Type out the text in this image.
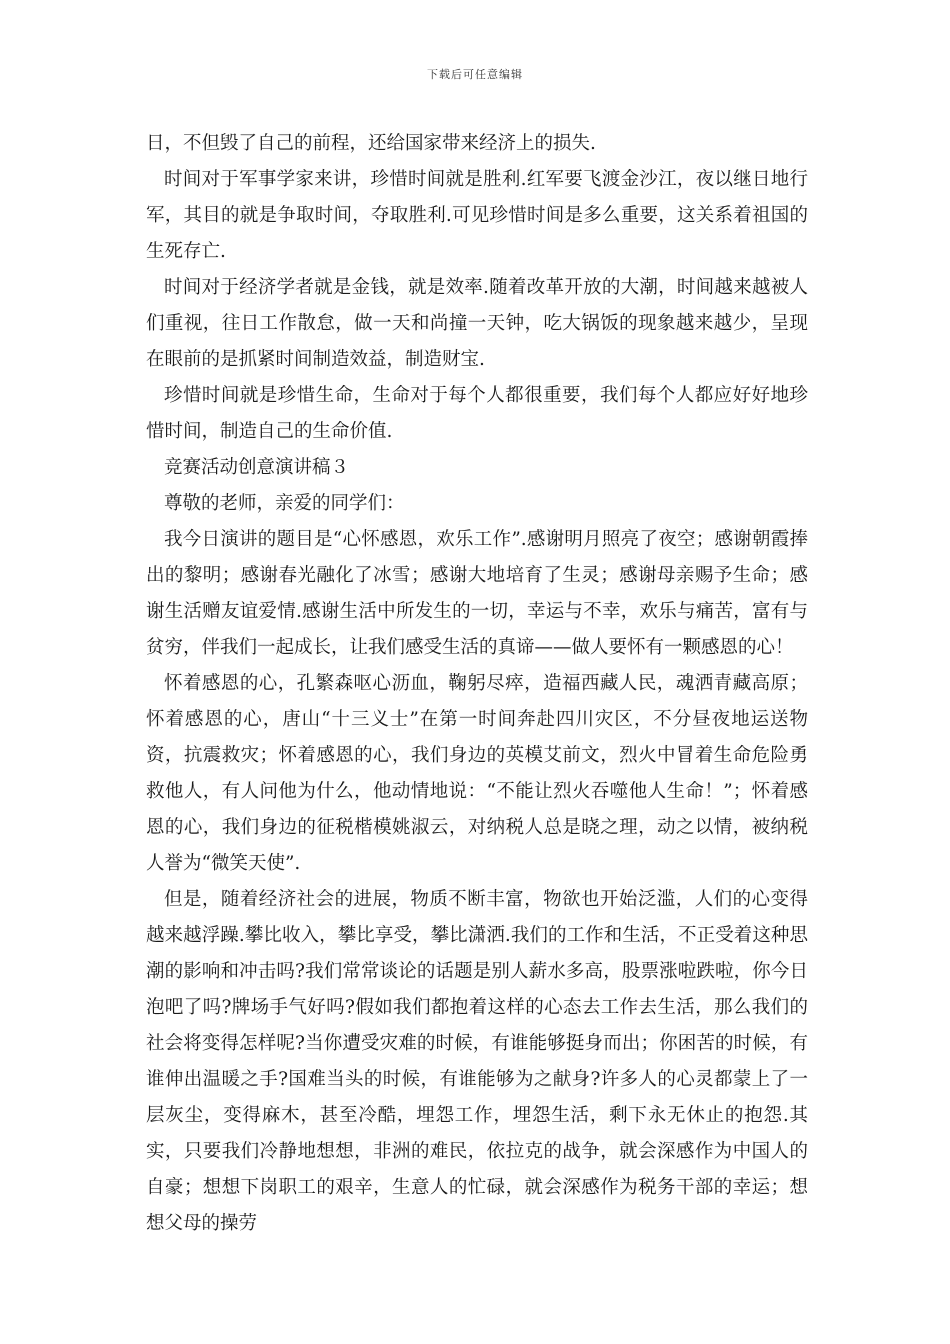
下载后可任意编辑

日，不但毁了自己的前程，还给国家带来经济上的损失.

时间对于军事学家来讲，珍惜时间就是胜利.红军要飞渡金沙江，夜以继日地行军，其目的就是争取时间，夺取胜利.可见珍惜时间是多么重要，这关系着祖国的生死存亡.

时间对于经济学者就是金钱，就是效率.随着改革开放的大潮，时间越来越被人们重视，往日工作散怠，做一天和尚撞一天钟，吃大锅饭的现象越来越少，呈现在眼前的是抓紧时间制造效益，制造财宝.

珍惜时间就是珍惜生命，生命对于每个人都很重要，我们每个人都应好好地珍惜时间，制造自己的生命价值.

竞赛活动创意演讲稿３

尊敬的老师，亲爱的同学们：

我今日演讲的题目是“心怀感恩，欢乐工作”.感谢明月照亮了夜空；感谢朝霞捧出的黎明；感谢春光融化了冰雪；感谢大地培育了生灵；感谢母亲赐予生命；感谢生活赠友谊爱情.感谢生活中所发生的一切，幸运与不幸，欢乐与痛苦，富有与贫穷，伴我们一起成长，让我们感受生活的真谛——做人要怀有一颗感恩的心！

怀着感恩的心，孔繁森呕心沥血，鞠躬尽瘁，造福西藏人民，魂洒青藏高原；怀着感恩的心，唐山“十三义士”在第一时间奔赴四川灾区，不分昼夜地运送物资，抗震救灾；怀着感恩的心，我们身边的英模艾前文，烈火中冒着生命危险勇救他人，有人问他为什么，他动情地说：“不能让烈火吞噬他人生命！”；怀着感恩的心，我们身边的征税楷模姚淑云，对纳税人总是晓之理，动之以情，被纳税人誉为“微笑天使”.

但是，随着经济社会的进展，物质不断丰富，物欲也开始泛滥，人们的心变得越来越浮躁.攀比收入，攀比享受，攀比潇洒.我们的工作和生活，不正受着这种思潮的影响和冲击吗?我们常常谈论的话题是别人薪水多高，股票涨啦跌啦，你今日泡吧了吗?牌场手气好吗?假如我们都抱着这样的心态去工作去生活，那么我们的社会将变得怎样呢?当你遭受灾难的时候，有谁能够挺身而出；你困苦的时候，有谁伸出温暖之手?国难当头的时候，有谁能够为之献身?许多人的心灵都蒙上了一层灰尘，变得麻木，甚至冷酷，埋怨工作，埋怨生活，剩下永无休止的抱怨.其实，只要我们冷静地想想，非洲的难民，依拉克的战争，就会深感作为中国人的自豪；想想下岗职工的艰辛，生意人的忙碌，就会深感作为税务干部的幸运；想想父母的操劳
